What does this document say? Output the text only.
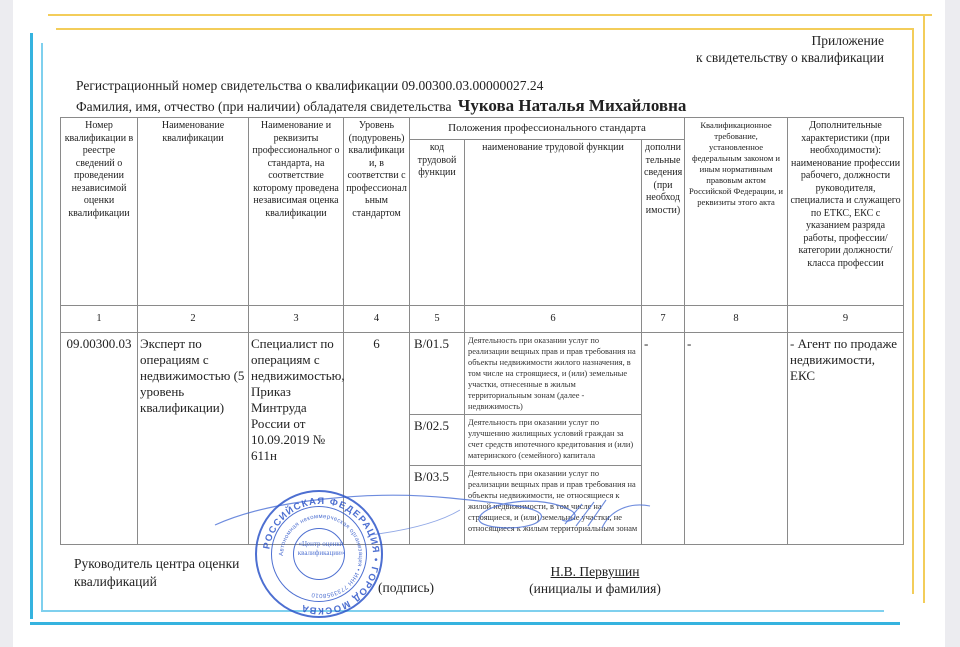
Приложение
к свидетельству о квалификации
Регистрационный номер свидетельства о квалификации 09.00300.03.00000027.24
Фамилия, имя, отчество (при наличии) обладателя свидетельства Чукова Наталья Михайловна
Номер квалификации в реестре сведений о проведении независимой оценки квалификации	Наименование квалификации	Наименование и реквизиты профессиональног о стандарта, на соответствие которому проведена независимая оценка квалификации	Уровень (подуровень) квалификаци и, в соответстви с профессионал ьным стандартом	Положения профессионального стандарта			Квалификационное требование, установленное федеральным законом и иным нормативным правовым актом Российской Федерации, и реквизиты этого акта	Дополнительные характеристики (при необходимости): наименование профессии рабочего, должности руководителя, специалиста и служащего по ЕТКС, ЕКС с указанием разряда работы, профессии/категории должности/класса профессии
				код трудовой функции	наименование трудовой функции	дополни тельные сведения (при необход имости)		
1	2	3	4	5	6	7	8	9
09.00300.03	Эксперт по операциям с недвижимостью (5 уровень квалификации)	Специалист по операциям с недвижимостью, Приказ Минтруда России от 10.09.2019 № 611н	6	B/01.5	Деятельность при оказании услуг по реализации вещных прав и прав требования на объекты недвижимости жилого назначения, в том числе на строящиеся, и (или) земельные участки, отнесенные в жилым территориальным зонам (далее - недвижимость)	-	-	- Агент по продаже недвижимости, ЕКС
				B/02.5	Деятельность при оказании услуг по улучшению жилищных условий граждан за счет средств ипотечного кредитования и (или) материнского (семейного) капитала			
				B/03.5	Деятельность при оказании услуг по реализации вещных прав и прав требования на объекты недвижимости, не относящиеся к жилой недвижимости, в том числе на строящиеся, и (или) земельные участки, не относящиеся к жилым территориальным зонам			
РОССИЙСКАЯ ФЕДЕРАЦИЯ • ГОРОД МОСКВА
Автономная некоммерческая организация • ИНН 7733958010
«Центр оценки квалификации»
Руководитель центра оценки
квалификаций	(подпись)
Н.В. Первушин
(инициалы и фамилия)
